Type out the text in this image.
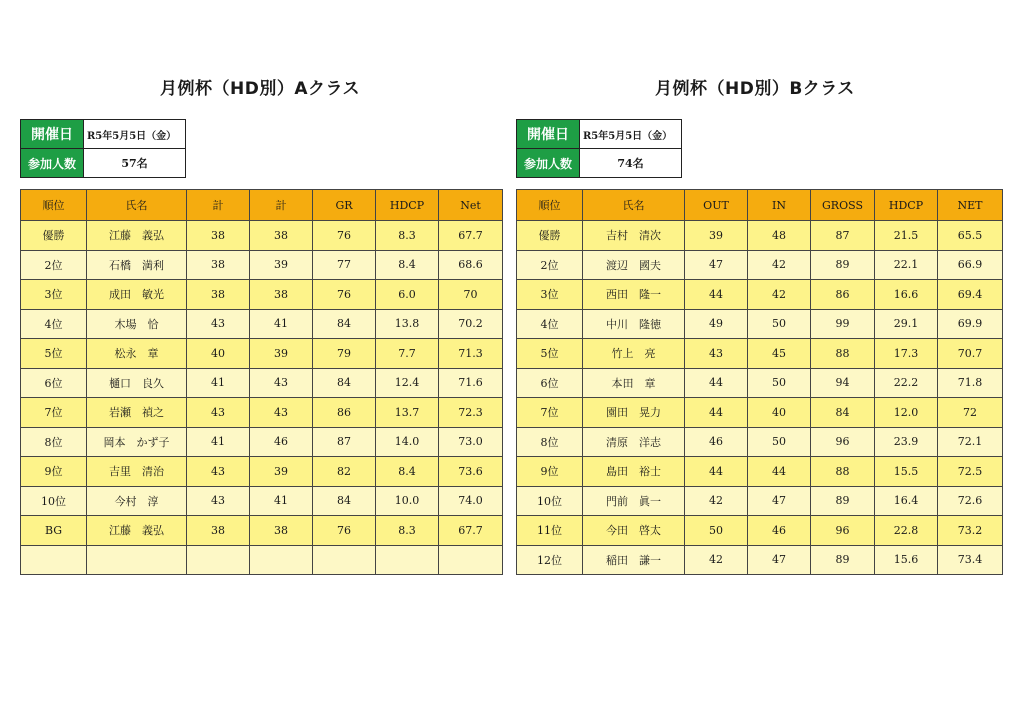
月例杯（HD別）Aクラス
開催日	R5年5月5日（金）
参加人数	57名
順位	氏名	計	計	GR	HDCP	Net
優勝	江藤　義弘	38	38	76	8.3	67.7
2位	石橋　満利	38	39	77	8.4	68.6
3位	成田　敏光	38	38	76	6.0	70
4位	木場　恰	43	41	84	13.8	70.2
5位	松永　章	40	39	79	7.7	71.3
6位	樋口　良久	41	43	84	12.4	71.6
7位	岩瀬　禎之	43	43	86	13.7	72.3
8位	岡本　かず子	41	46	87	14.0	73.0
9位	吉里　清治	43	39	82	8.4	73.6
10位	今村　淳	43	41	84	10.0	74.0
BG	江藤　義弘	38	38	76	8.3	67.7

月例杯（HD別）Bクラス
開催日	R5年5月5日（金）
参加人数	74名
順位	氏名	OUT	IN	GROSS	HDCP	NET
優勝	吉村　清次	39	48	87	21.5	65.5
2位	渡辺　國夫	47	42	89	22.1	66.9
3位	西田　隆一	44	42	86	16.6	69.4
4位	中川　隆徳	49	50	99	29.1	69.9
5位	竹上　亮	43	45	88	17.3	70.7
6位	本田　章	44	50	94	22.2	71.8
7位	園田　晃力	44	40	84	12.0	72
8位	清原　洋志	46	50	96	23.9	72.1
9位	島田　裕士	44	44	88	15.5	72.5
10位	門前　眞一	42	47	89	16.4	72.6
11位	今田　啓太	50	46	96	22.8	73.2
12位	稲田　謙一	42	47	89	15.6	73.4
